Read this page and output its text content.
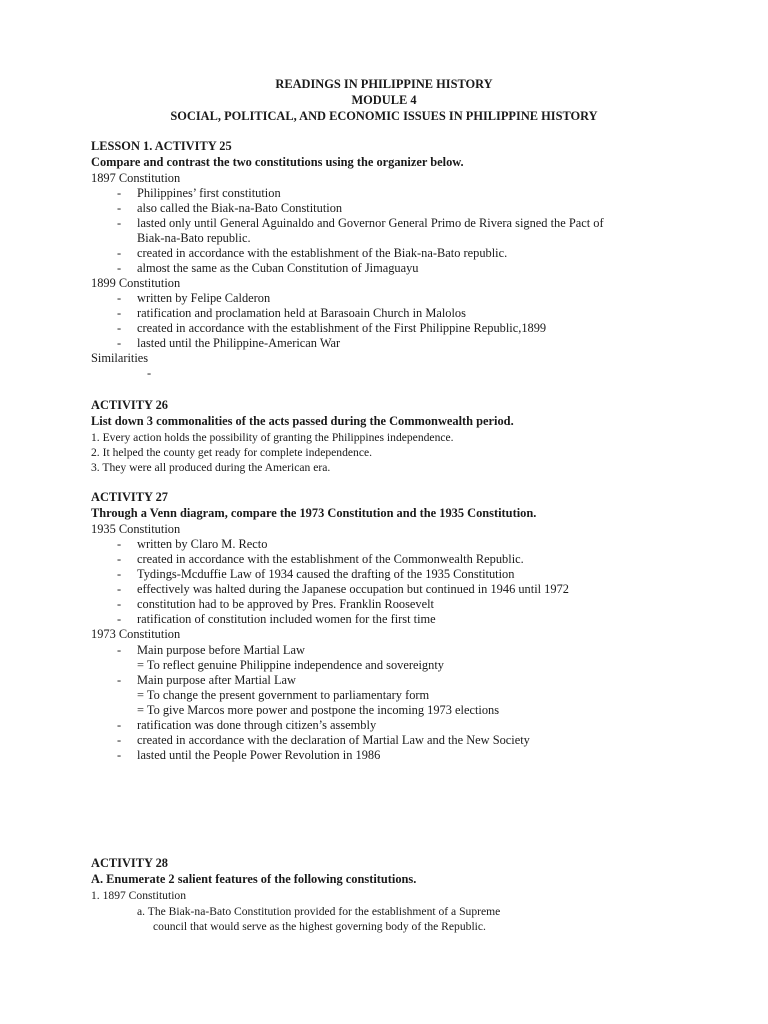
READINGS IN PHILIPPINE HISTORY
MODULE 4
SOCIAL, POLITICAL, AND ECONOMIC ISSUES IN PHILIPPINE HISTORY
LESSON 1. ACTIVITY 25
Compare and contrast the two constitutions using the organizer below.
1897 Constitution
- Philippines’ first constitution
- also called the Biak-na-Bato Constitution
- lasted only until General Aguinaldo and Governor General Primo de Rivera signed the Pact of
Biak-na-Bato republic.
- created in accordance with the establishment of the Biak-na-Bato republic.
- almost the same as the Cuban Constitution of Jimaguayu
1899 Constitution
- written by Felipe Calderon
- ratification and proclamation held at Barasoain Church in Malolos
- created in accordance with the establishment of the First Philippine Republic,1899
- lasted until the Philippine-American War
Similarities
-
ACTIVITY 26
List down 3 commonalities of the acts passed during the Commonwealth period.
1. Every action holds the possibility of granting the Philippines independence.
2. It helped the county get ready for complete independence.
3. They were all produced during the American era.
ACTIVITY 27
Through a Venn diagram, compare the 1973 Constitution and the 1935 Constitution.
1935 Constitution
- written by Claro M. Recto
- created in accordance with the establishment of the Commonwealth Republic.
- Tydings-Mcduffie Law of 1934 caused the drafting of the 1935 Constitution
- effectively was halted during the Japanese occupation but continued in 1946 until 1972
- constitution had to be approved by Pres. Franklin Roosevelt
- ratification of constitution included women for the first time
1973 Constitution
- Main purpose before Martial Law
= To reflect genuine Philippine independence and sovereignty
- Main purpose after Martial Law
= To change the present government to parliamentary form
= To give Marcos more power and postpone the incoming 1973 elections
- ratification was done through citizen’s assembly
- created in accordance with the declaration of Martial Law and the New Society
- lasted until the People Power Revolution in 1986
ACTIVITY 28
A. Enumerate 2 salient features of the following constitutions.
1. 1897 Constitution
a. The Biak-na-Bato Constitution provided for the establishment of a Supreme
council that would serve as the highest governing body of the Republic.
